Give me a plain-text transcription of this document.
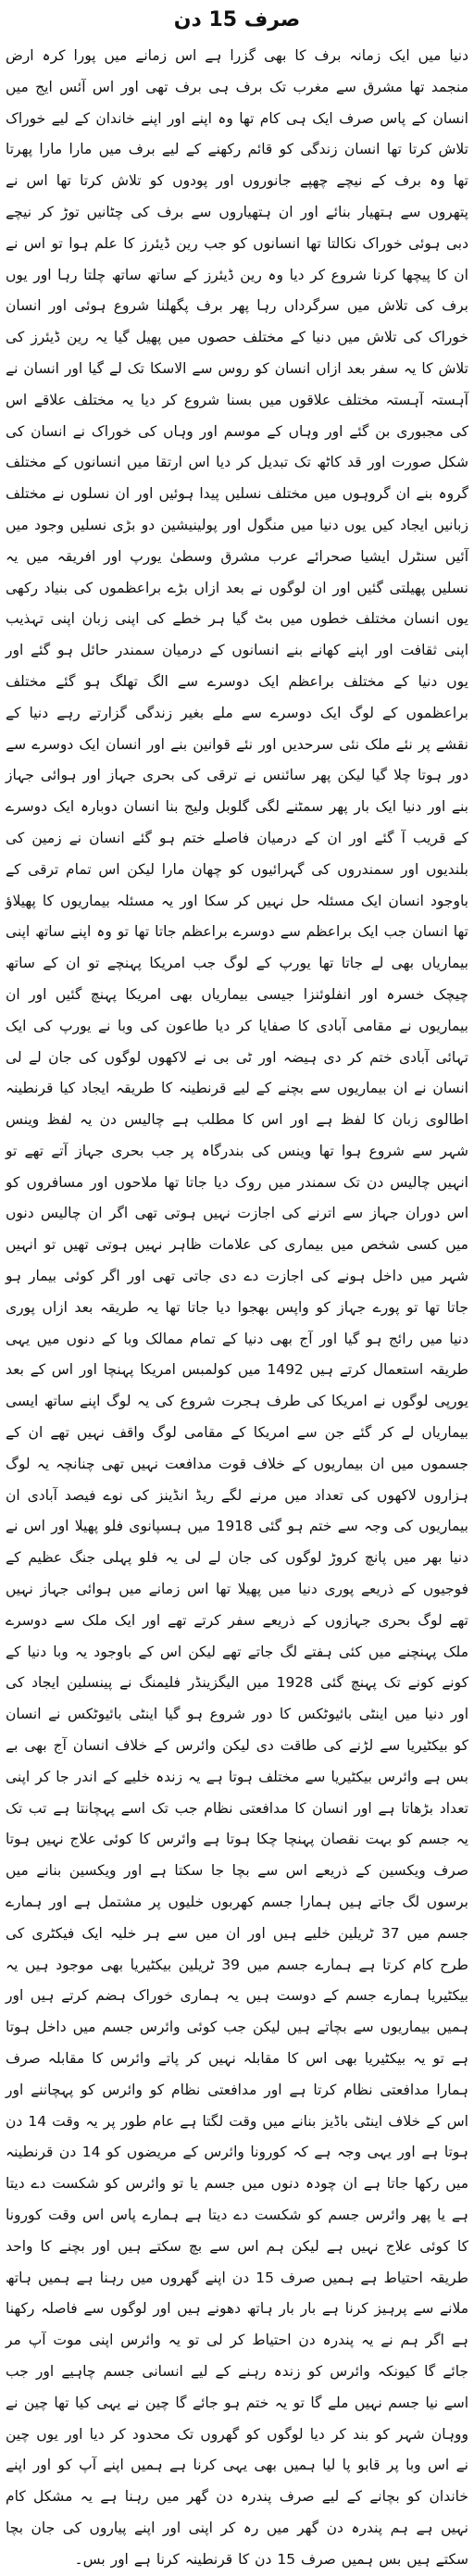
صرف 15 دن

دنیا میں ایک زمانہ برف کا بھی گزرا ہے اس زمانے میں پورا کرہ ارض منجمد تھا مشرق سے مغرب تک برف ہی برف تھی اور اس آئس ایج میں انسان کے پاس صرف ایک ہی کام تھا وہ اپنے اور اپنے خاندان کے لیے خوراک تلاش کرتا تھا انسان زندگی کو قائم رکھنے کے لیے برف میں مارا مارا پھرتا تھا وہ برف کے نیچے چھپے جانوروں اور پودوں کو تلاش کرتا تھا اس نے پتھروں سے ہتھیار بنائے اور ان ہتھیاروں سے برف کی چٹانیں توڑ کر نیچے دبی ہوئی خوراک نکالتا تھا انسانوں کو جب رین ڈیئرز کا علم ہوا تو اس نے ان کا پیچھا کرنا شروع کر دیا وہ رین ڈیئرز کے ساتھ ساتھ چلتا رہا اور یوں برف کی تلاش میں سرگرداں رہا پھر برف پگھلنا شروع ہوئی اور انسان خوراک کی تلاش میں دنیا کے مختلف حصوں میں پھیل گیا یہ رین ڈیئرز کی تلاش کا یہ سفر بعد ازاں انسان کو روس سے الاسکا تک لے گیا اور انسان نے آہستہ آہستہ مختلف علاقوں میں بسنا شروع کر دیا یہ مختلف علاقے اس کی مجبوری بن گئے اور وہاں کے موسم اور وہاں کی خوراک نے انسان کی شکل صورت اور قد کاٹھ تک تبدیل کر دیا اس ارتقا میں انسانوں کے مختلف گروہ بنے ان گروہوں میں مختلف نسلیں پیدا ہوئیں اور ان نسلوں نے مختلف زبانیں ایجاد کیں یوں دنیا میں منگول اور پولینیشین دو بڑی نسلیں وجود میں آئیں سنٹرل ایشیا صحرائے عرب مشرق وسطیٰ یورپ اور افریقہ میں یہ نسلیں پھیلتی گئیں اور ان لوگوں نے بعد ازاں بڑے براعظموں کی بنیاد رکھی یوں انسان مختلف خطوں میں بٹ گیا ہر خطے کی اپنی زبان اپنی تہذیب اپنی ثقافت اور اپنے کھانے بنے انسانوں کے درمیان سمندر حائل ہو گئے اور یوں دنیا کے مختلف براعظم ایک دوسرے سے الگ تھلگ ہو گئے مختلف براعظموں کے لوگ ایک دوسرے سے ملے بغیر زندگی گزارتے رہے دنیا کے نقشے پر نئے ملک نئی سرحدیں اور نئے قوانین بنے اور انسان ایک دوسرے سے دور ہوتا چلا گیا لیکن پھر سائنس نے ترقی کی بحری جہاز اور ہوائی جہاز بنے اور دنیا ایک بار پھر سمٹنے لگی گلوبل ولیج بنا انسان دوبارہ ایک دوسرے کے قریب آ گئے اور ان کے درمیان فاصلے ختم ہو گئے انسان نے زمین کی بلندیوں اور سمندروں کی گہرائیوں کو چھان مارا لیکن اس تمام ترقی کے باوجود انسان ایک مسئلہ حل نہیں کر سکا اور یہ مسئلہ بیماریوں کا پھیلاؤ تھا انسان جب ایک براعظم سے دوسرے براعظم جاتا تھا تو وہ اپنے ساتھ اپنی بیماریاں بھی لے جاتا تھا یورپ کے لوگ جب امریکا پہنچے تو ان کے ساتھ چیچک خسرہ اور انفلوئنزا جیسی بیماریاں بھی امریکا پہنچ گئیں اور ان بیماریوں نے مقامی آبادی کا صفایا کر دیا طاعون کی وبا نے یورپ کی ایک تہائی آبادی ختم کر دی ہیضہ اور ٹی بی نے لاکھوں لوگوں کی جان لے لی انسان نے ان بیماریوں سے بچنے کے لیے قرنطینہ کا طریقہ ایجاد کیا قرنطینہ اطالوی زبان کا لفظ ہے اور اس کا مطلب ہے چالیس دن یہ لفظ وینس شہر سے شروع ہوا تھا وینس کی بندرگاہ پر جب بحری جہاز آتے تھے تو انہیں چالیس دن تک سمندر میں روک دیا جاتا تھا ملاحوں اور مسافروں کو اس دوران جہاز سے اترنے کی اجازت نہیں ہوتی تھی اگر ان چالیس دنوں میں کسی شخص میں بیماری کی علامات ظاہر نہیں ہوتی تھیں تو انہیں شہر میں داخل ہونے کی اجازت دے دی جاتی تھی اور اگر کوئی بیمار ہو جاتا تھا تو پورے جہاز کو واپس بھجوا دیا جاتا تھا یہ طریقہ بعد ازاں پوری دنیا میں رائج ہو گیا اور آج بھی دنیا کے تمام ممالک وبا کے دنوں میں یہی طریقہ استعمال کرتے ہیں 1492 میں کولمبس امریکا پہنچا اور اس کے بعد یورپی لوگوں نے امریکا کی طرف ہجرت شروع کی یہ لوگ اپنے ساتھ ایسی بیماریاں لے کر گئے جن سے امریکا کے مقامی لوگ واقف نہیں تھے ان کے جسموں میں ان بیماریوں کے خلاف قوت مدافعت نہیں تھی چنانچہ یہ لوگ ہزاروں لاکھوں کی تعداد میں مرنے لگے ریڈ انڈینز کی نوے فیصد آبادی ان بیماریوں کی وجہ سے ختم ہو گئی 1918 میں ہسپانوی فلو پھیلا اور اس نے دنیا بھر میں پانچ کروڑ لوگوں کی جان لے لی یہ فلو پہلی جنگ عظیم کے فوجیوں کے ذریعے پوری دنیا میں پھیلا تھا اس زمانے میں ہوائی جہاز نہیں تھے لوگ بحری جہازوں کے ذریعے سفر کرتے تھے اور ایک ملک سے دوسرے ملک پہنچنے میں کئی ہفتے لگ جاتے تھے لیکن اس کے باوجود یہ وبا دنیا کے کونے کونے تک پہنچ گئی 1928 میں الیگزینڈر فلیمنگ نے پینسلین ایجاد کی اور دنیا میں اینٹی بائیوٹکس کا دور شروع ہو گیا اینٹی بائیوٹکس نے انسان کو بیکٹیریا سے لڑنے کی طاقت دی لیکن وائرس کے خلاف انسان آج بھی بے بس ہے وائرس بیکٹیریا سے مختلف ہوتا ہے یہ زندہ خلیے کے اندر جا کر اپنی تعداد بڑھاتا ہے اور انسان کا مدافعتی نظام جب تک اسے پہچانتا ہے تب تک یہ جسم کو بہت نقصان پہنچا چکا ہوتا ہے وائرس کا کوئی علاج نہیں ہوتا صرف ویکسین کے ذریعے اس سے بچا جا سکتا ہے اور ویکسین بنانے میں برسوں لگ جاتے ہیں ہمارا جسم کھربوں خلیوں پر مشتمل ہے اور ہمارے جسم میں 37 ٹریلین خلیے ہیں اور ان میں سے ہر خلیہ ایک فیکٹری کی طرح کام کرتا ہے ہمارے جسم میں 39 ٹریلین بیکٹیریا بھی موجود ہیں یہ بیکٹیریا ہمارے جسم کے دوست ہیں یہ ہماری خوراک ہضم کرتے ہیں اور ہمیں بیماریوں سے بچاتے ہیں لیکن جب کوئی وائرس جسم میں داخل ہوتا ہے تو یہ بیکٹیریا بھی اس کا مقابلہ نہیں کر پاتے وائرس کا مقابلہ صرف ہمارا مدافعتی نظام کرتا ہے اور مدافعتی نظام کو وائرس کو پہچاننے اور اس کے خلاف اینٹی باڈیز بنانے میں وقت لگتا ہے عام طور پر یہ وقت 14 دن ہوتا ہے اور یہی وجہ ہے کہ کورونا وائرس کے مریضوں کو 14 دن قرنطینہ میں رکھا جاتا ہے ان چودہ دنوں میں جسم یا تو وائرس کو شکست دے دیتا ہے یا پھر وائرس جسم کو شکست دے دیتا ہے ہمارے پاس اس وقت کورونا کا کوئی علاج نہیں ہے لیکن ہم اس سے بچ سکتے ہیں اور بچنے کا واحد طریقہ احتیاط ہے ہمیں صرف 15 دن اپنے گھروں میں رہنا ہے ہمیں ہاتھ ملانے سے پرہیز کرنا ہے بار بار ہاتھ دھونے ہیں اور لوگوں سے فاصلہ رکھنا ہے اگر ہم نے یہ پندرہ دن احتیاط کر لی تو یہ وائرس اپنی موت آپ مر جائے گا کیونکہ وائرس کو زندہ رہنے کے لیے انسانی جسم چاہیے اور جب اسے نیا جسم نہیں ملے گا تو یہ ختم ہو جائے گا چین نے یہی کیا تھا چین نے ووہان شہر کو بند کر دیا لوگوں کو گھروں تک محدود کر دیا اور یوں چین نے اس وبا پر قابو پا لیا ہمیں بھی یہی کرنا ہے ہمیں اپنے آپ کو اور اپنے خاندان کو بچانے کے لیے صرف پندرہ دن گھر میں رہنا ہے یہ مشکل کام نہیں ہے ہم پندرہ دن گھر میں رہ کر اپنی اور اپنے پیاروں کی جان بچا سکتے ہیں بس ہمیں صرف 15 دن کا قرنطینہ کرنا ہے اور بس۔
